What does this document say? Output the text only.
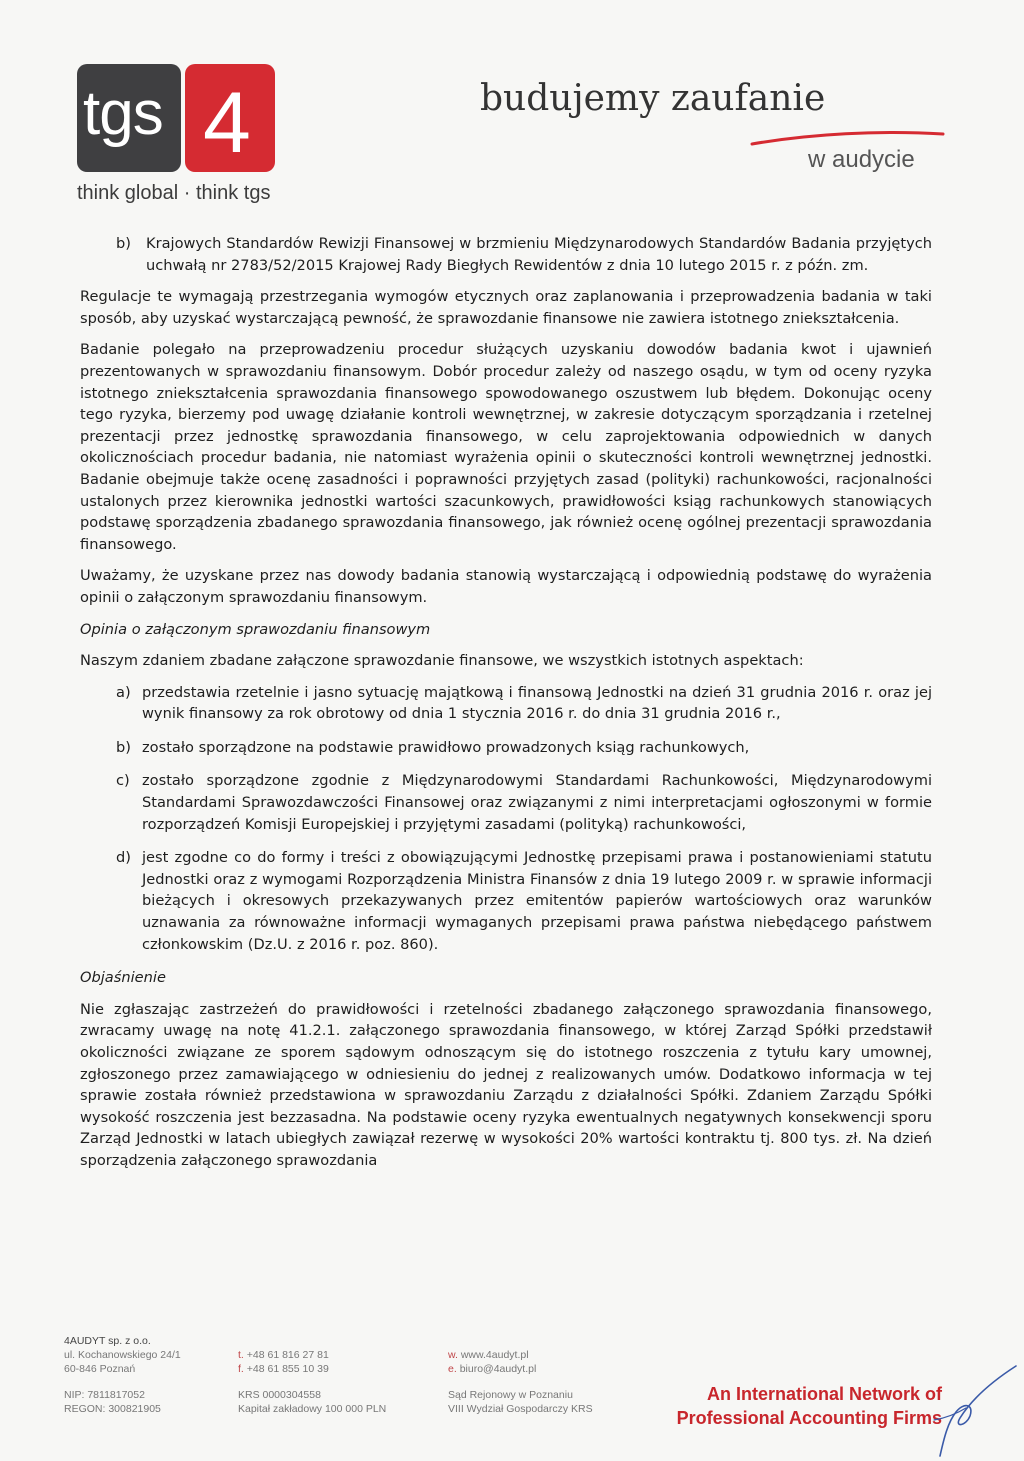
tgs 4
think global · think tgs
budujemy zaufanie
w audycie
b)	Krajowych Standardów Rewizji Finansowej w brzmieniu Międzynarodowych Standardów Badania przyjętych uchwałą nr 2783/52/2015 Krajowej Rady Biegłych Rewidentów z dnia 10 lutego 2015 r. z późn. zm.

Regulacje te wymagają przestrzegania wymogów etycznych oraz zaplanowania i przeprowadzenia badania w taki sposób, aby uzyskać wystarczającą pewność, że sprawozdanie finansowe nie zawiera istotnego zniekształcenia.

Badanie polegało na przeprowadzeniu procedur służących uzyskaniu dowodów badania kwot i ujawnień prezentowanych w sprawozdaniu finansowym. Dobór procedur zależy od naszego osądu, w tym od oceny ryzyka istotnego zniekształcenia sprawozdania finansowego spowodowanego oszustwem lub błędem. Dokonując oceny tego ryzyka, bierzemy pod uwagę działanie kontroli wewnętrznej, w zakresie dotyczącym sporządzania i rzetelnej prezentacji przez jednostkę sprawozdania finansowego, w celu zaprojektowania odpowiednich w danych okolicznościach procedur badania, nie natomiast wyrażenia opinii o skuteczności kontroli wewnętrznej jednostki. Badanie obejmuje także ocenę zasadności i poprawności przyjętych zasad (polityki) rachunkowości, racjonalności ustalonych przez kierownika jednostki wartości szacunkowych, prawidłowości ksiąg rachunkowych stanowiących podstawę sporządzenia zbadanego sprawozdania finansowego, jak również ocenę ogólnej prezentacji sprawozdania finansowego.

Uważamy, że uzyskane przez nas dowody badania stanowią wystarczającą i odpowiednią podstawę do wyrażenia opinii o załączonym sprawozdaniu finansowym.

Opinia o załączonym sprawozdaniu finansowym

Naszym zdaniem zbadane załączone sprawozdanie finansowe, we wszystkich istotnych aspektach:

a) przedstawia rzetelnie i jasno sytuację majątkową i finansową Jednostki na dzień 31 grudnia 2016 r. oraz jej wynik finansowy za rok obrotowy od dnia 1 stycznia 2016 r. do dnia 31 grudnia 2016 r.,
b) zostało sporządzone na podstawie prawidłowo prowadzonych ksiąg rachunkowych,
c) zostało sporządzone zgodnie z Międzynarodowymi Standardami Rachunkowości, Międzynarodowymi Standardami Sprawozdawczości Finansowej oraz związanymi z nimi interpretacjami ogłoszonymi w formie rozporządzeń Komisji Europejskiej i przyjętymi zasadami (polityką) rachunkowości,
d) jest zgodne co do formy i treści z obowiązującymi Jednostkę przepisami prawa i postanowieniami statutu Jednostki oraz z wymogami Rozporządzenia Ministra Finansów z dnia 19 lutego 2009 r. w sprawie informacji bieżących i okresowych przekazywanych przez emitentów papierów wartościowych oraz warunków uznawania za równoważne informacji wymaganych przepisami prawa państwa niebędącego państwem członkowskim (Dz.U. z 2016 r. poz. 860).
Objaśnienie

Nie zgłaszając zastrzeżeń do prawidłowości i rzetelności zbadanego załączonego sprawozdania finansowego, zwracamy uwagę na notę 41.2.1. załączonego sprawozdania finansowego, w której Zarząd Spółki przedstawił okoliczności związane ze sporem sądowym odnoszącym się do istotnego roszczenia z tytułu kary umownej, zgłoszonego przez zamawiającego w odniesieniu do jednej z realizowanych umów. Dodatkowo informacja w tej sprawie została również przedstawiona w sprawozdaniu Zarządu z działalności Spółki. Zdaniem Zarządu Spółki wysokość roszczenia jest bezzasadna. Na podstawie oceny ryzyka ewentualnych negatywnych konsekwencji sporu Zarząd Jednostki w latach ubiegłych zawiązał rezerwę w wysokości 20% wartości kontraktu tj. 800 tys. zł. Na dzień sporządzenia załączonego sprawozdania

4AUDYT sp. z o.o.
ul. Kochanowskiego 24/1
60-846 Poznań
NIP: 7811817052
REGON: 300821905

t. +48 61 816 27 81
f. +48 61 855 10 39
KRS 0000304558
Kapitał zakładowy 100 000 PLN

w. www.4audyt.pl
e. biuro@4audyt.pl
Sąd Rejonowy w Poznaniu
VIII Wydział Gospodarczy KRS
An International Network of
Professional Accounting Firms
